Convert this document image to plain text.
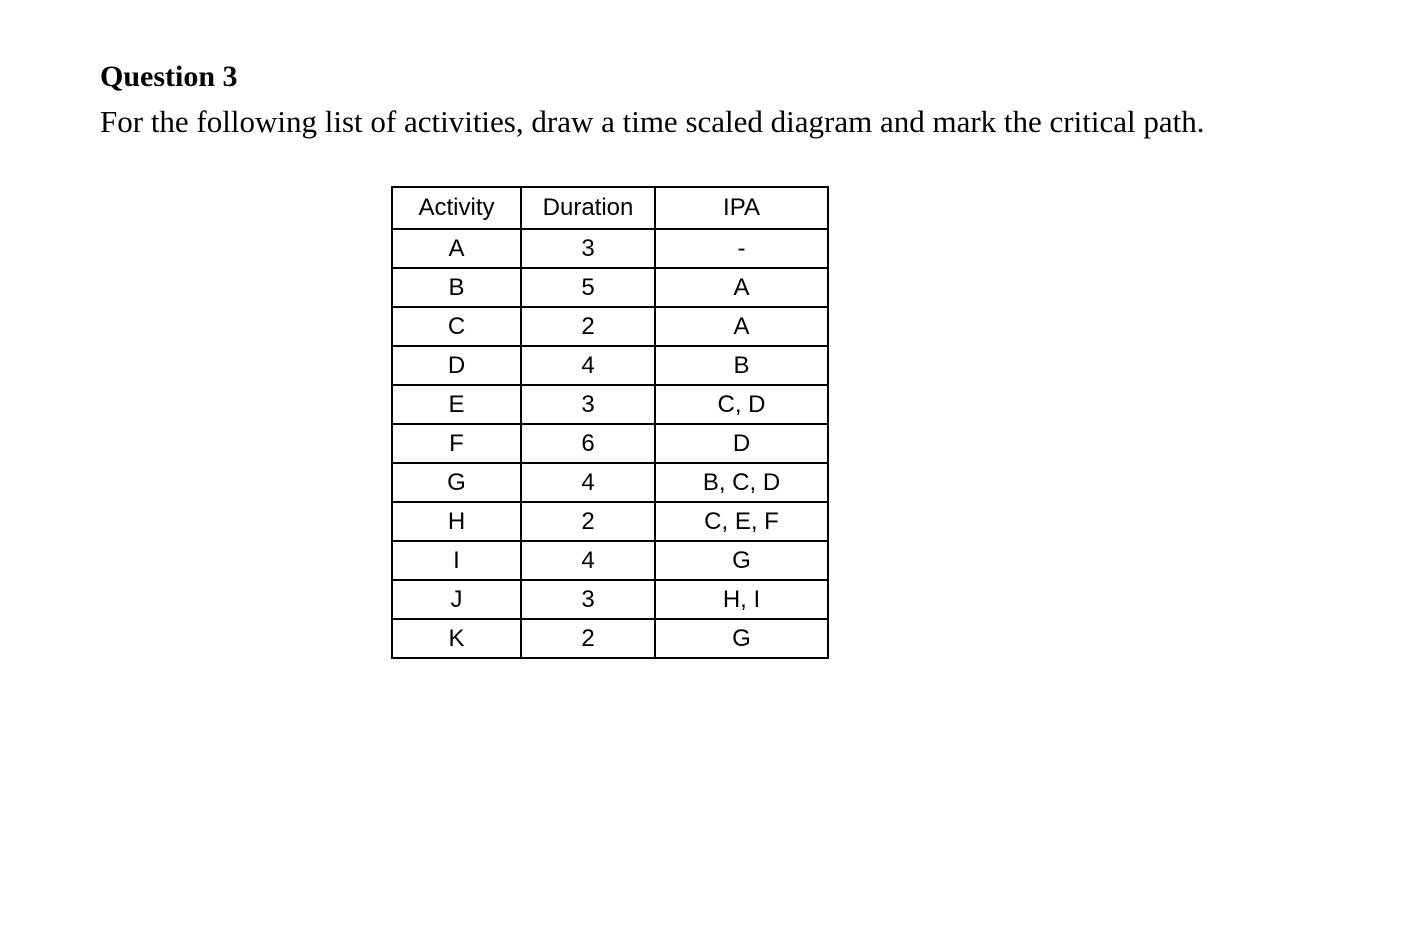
Question 3

For the following list of activities, draw a time scaled diagram and mark the critical path.

Activity	Duration	IPA
A	3	-
B	5	A
C	2	A
D	4	B
E	3	C, D
F	6	D
G	4	B, C, D
H	2	C, E, F
I	4	G
J	3	H, I
K	2	G
